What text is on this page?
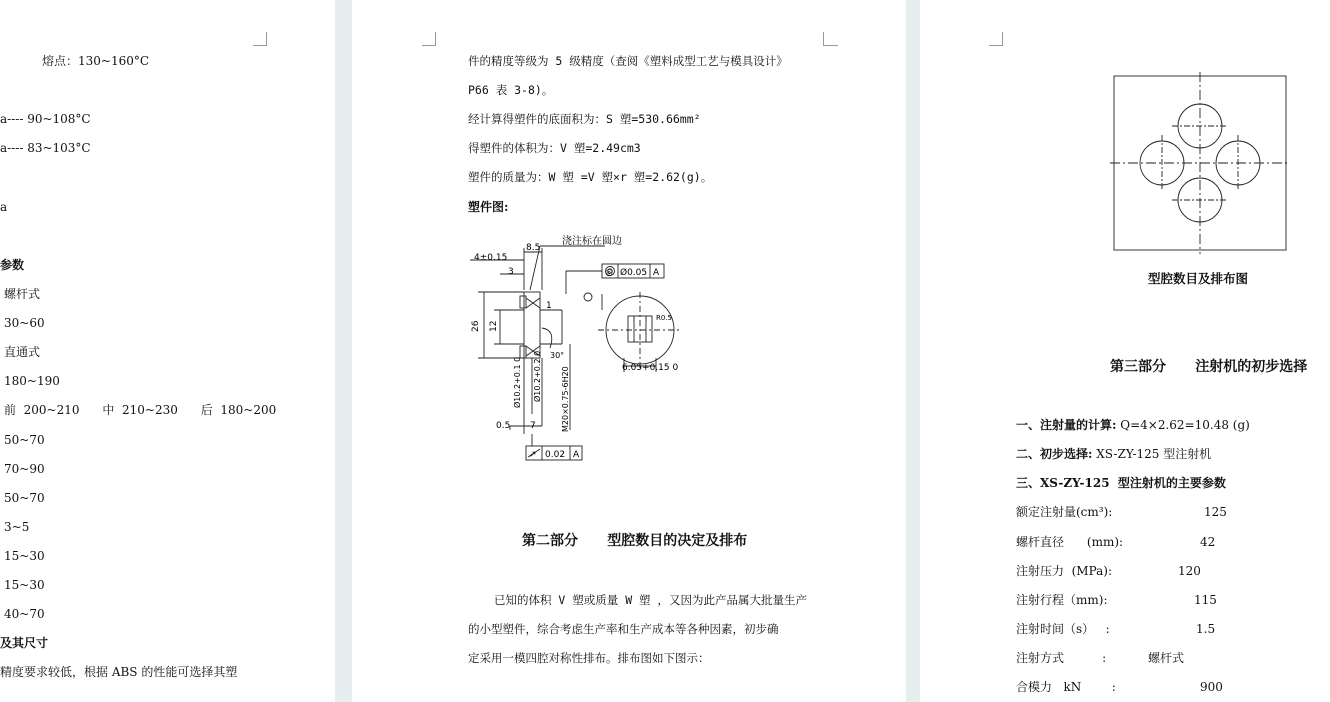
熔点：130~160°C
a---- 90~108°C
a---- 83~103°C
a
参数
螺杆式
30~60
直通式
180~190
前  200~210      中  210~230      后  180~200
50~70
70~90
50~70
3~5
15~30
15~30
40~70
及其尺寸
精度要求较低，根据 ABS 的性能可选择其塑
件的精度等级为 5 级精度（查阅《塑料成型工艺与模具设计》
P66 表 3-8)。
经计算得塑件的底面积为：S 塑=530.66mm²
得塑件的体积为：V 塑=2.49cm3
塑件的质量为：W 塑 =V 塑×r 塑=2.62(g)。
塑件图:
浇注标在圆边
8.5
4±0.15
3
1
26 12
0.5 7
Ø10.2+0.1 0 Ø10.2+0.2 0 M20×0.75-6H20	6.05+0.15 0
R0.5
30°
◎ Ø0.05 A
↗ 0.02 A
第二部分      型腔数目的决定及排布
已知的体积 V 塑或质量 W 塑 ，又因为此产品属大批量生产
的小型塑件，综合考虑生产率和生产成本等各种因素，初步确
定采用一模四腔对称性排布。排布图如下图示：
型腔数目及排布图
第三部分      注射机的初步选择
一、注射量的计算: Q=4×2.62=10.48 (g)
二、初步选择: XS-ZY-125 型注射机
三、XS-ZY-125  型注射机的主要参数
额定注射量(cm³):	125
螺杆直径      (mm):	42
注射压力  (MPa):	120
注射行程（mm):	115
注射时间（s）   :	1.5
注射方式          :	螺杆式
合模力   kN        :	900
